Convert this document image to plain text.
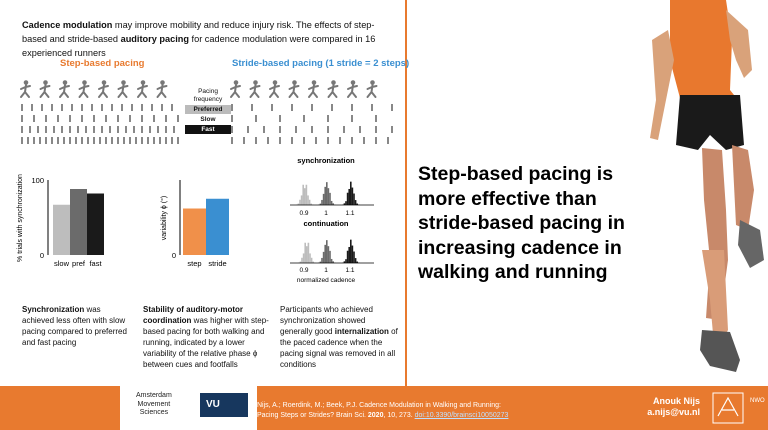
Cadence modulation may improve mobility and reduce injury risk. The effects of step-based and stride-based auditory pacing for cadence modulation were compared in 16 experienced runners
Step-based pacing	Stride-based pacing (1 stride = 2 steps)
Pacing
frequency
Preferred
Slow
Fast
% trials with synchronization 100
0
slow pref fast
variability ϕ (°)
0
step stride
synchronization
0.9 1	1.1
continuation
0.9 1	1.1
normalized cadence
Synchronization was achieved less often with slow pacing compared to preferred and fast pacing
Stability of auditory-motor coordination was higher with step-based pacing for both walking and running, indicated by a lower variability of the relative phase ϕ between cues and footfalls
Participants who achieved synchronization showed generally good internalization of the paced cadence when the pacing signal was removed in all conditions
Step-based pacing is more effective than stride-based pacing in increasing cadence in walking and running
Amsterdam
Movement
Sciences
VU	Nijs, A.; Roerdink, M.; Beek, P.J. Cadence Modulation in Walking and Running:
Pacing Steps or Strides? Brain Sci. 2020, 10, 273. doi:10.3390/brainsci10050273
Anouk Nijs
a.nijs@vu.nl
NWO
